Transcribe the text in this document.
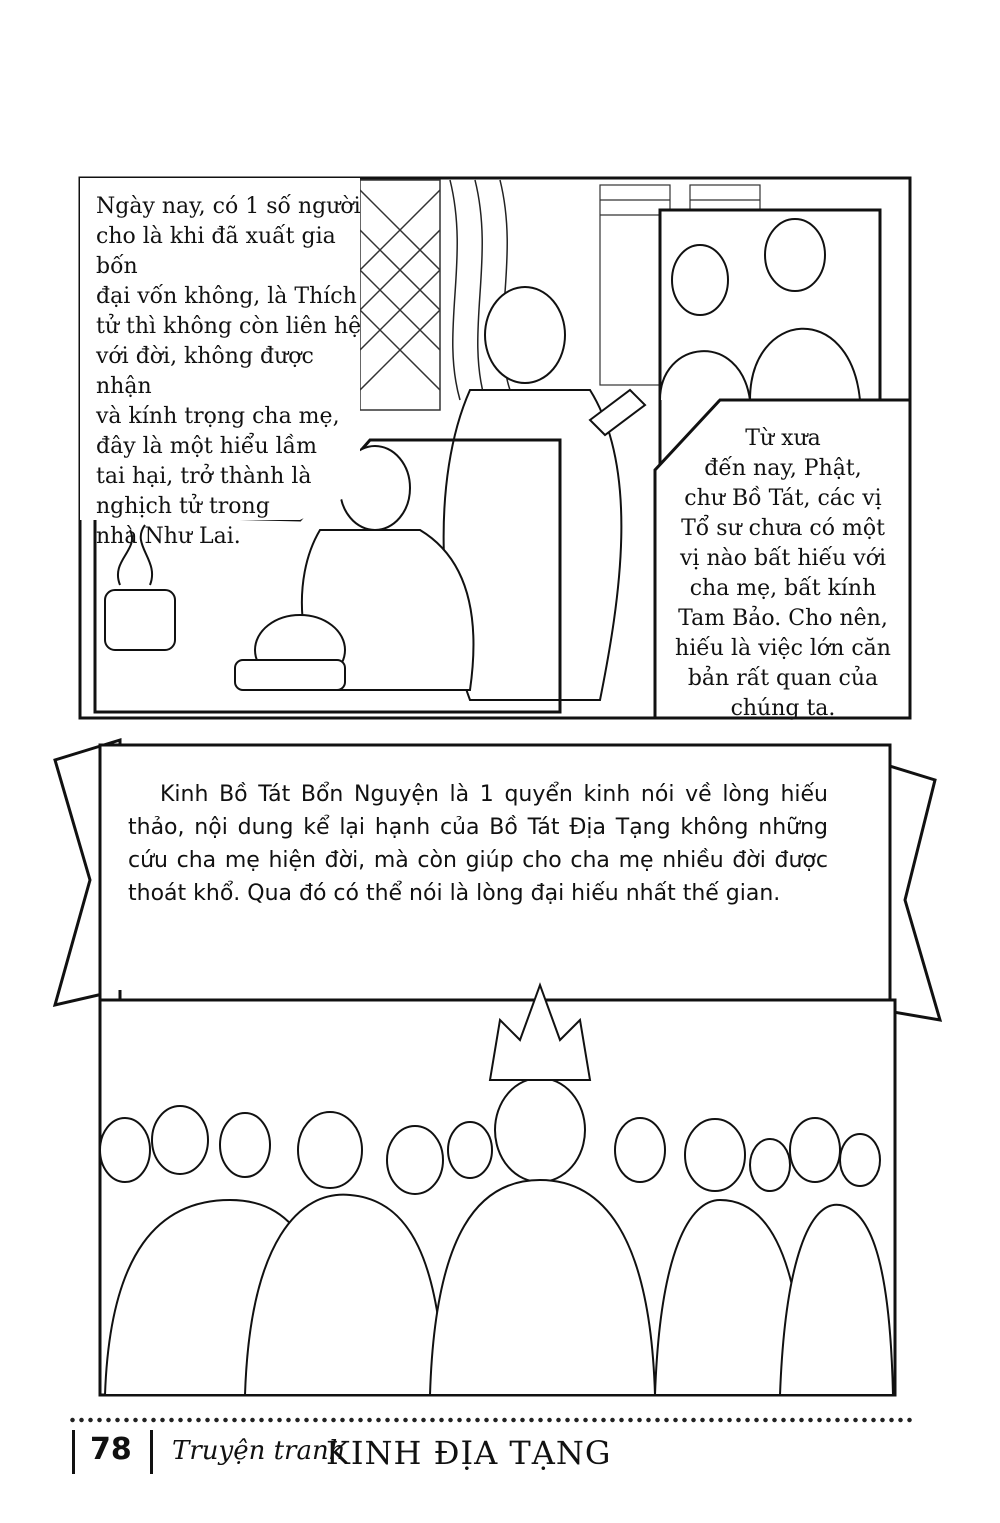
Ngày nay, có 1 số người
cho là khi đã xuất gia bốn
đại vốn không, là Thích
tử thì không còn liên hệ
với đời, không được nhận
và kính trọng cha mẹ,
đây là một hiểu lầm
tai hại, trở thành là
nghịch tử trong
nhà Như Lai.
Từ xưa
đến nay, Phật,
chư Bồ Tát, các vị
Tổ sư chưa có một
vị nào bất hiếu với
cha mẹ, bất kính
Tam Bảo. Cho nên,
hiếu là việc lớn căn
bản rất quan của
chúng ta.
Kinh Bồ Tát Bổn Nguyện là 1 quyển kinh nói về lòng hiếu thảo, nội dung kể lại hạnh của Bồ Tát Địa Tạng không những cứu cha mẹ hiện đời, mà còn giúp cho cha mẹ nhiều đời được thoát khổ. Qua đó có thể nói là lòng đại hiếu nhất thế gian.
78 Truyện tranh
KINH ĐỊA TẠNG
